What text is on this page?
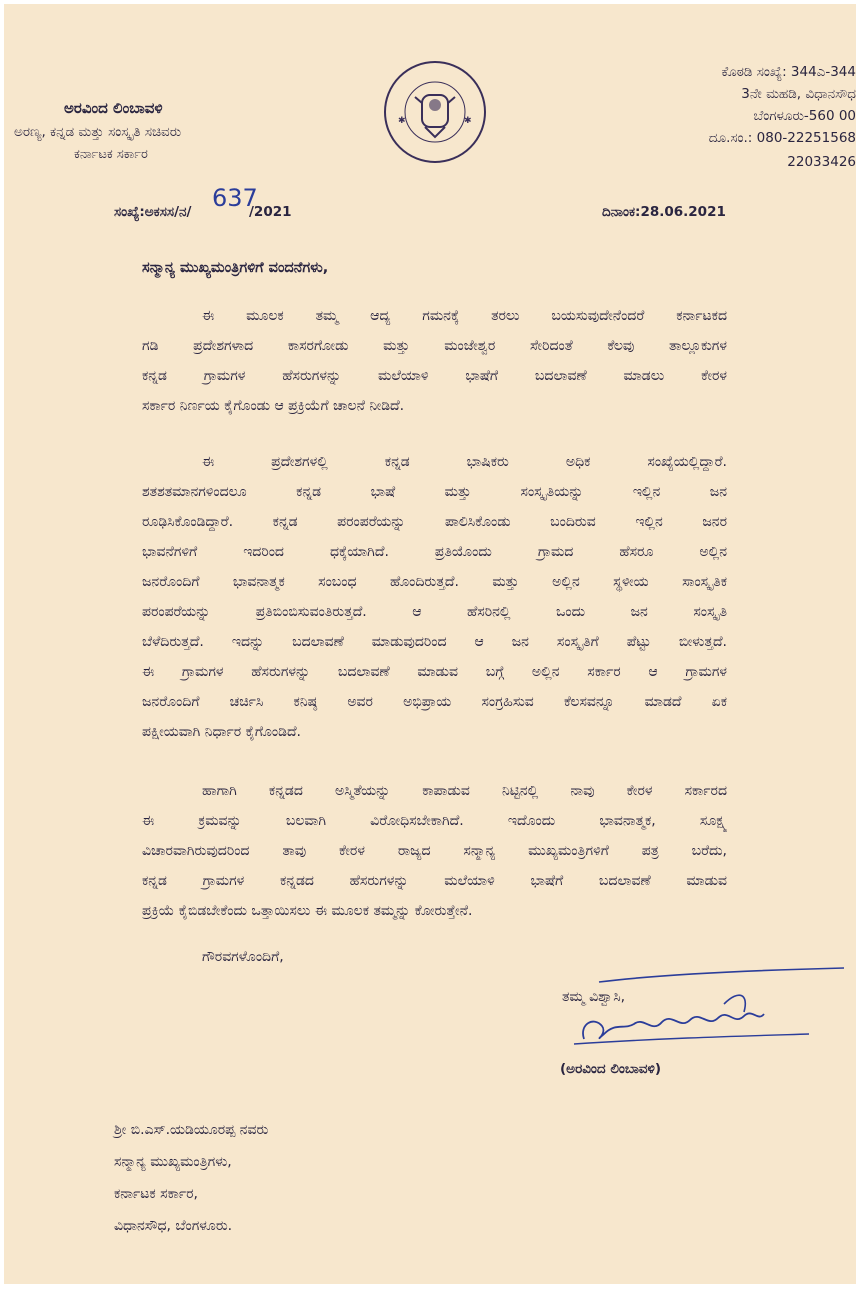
ಅರವಿಂದ ಲಿಂಬಾವಳಿ
ಅರಣ್ಯ, ಕನ್ನಡ ಮತ್ತು ಸಂಸ್ಕೃತಿ ಸಚಿವರು
ಕರ್ನಾಟಕ ಸರ್ಕಾರ
✱	✱
ಕೊಠಡಿ ಸಂಖ್ಯೆ: 344ಎ-344
3ನೇ ಮಹಡಿ, ವಿಧಾನಸೌಧ
ಬೆಂಗಳೂರು-560 00
ದೂ.ಸಂ.: 080-22251568
22033426
ಸಂಖ್ಯೆ:ಅಕಸಸ/ನ/ 637
/2021	ದಿನಾಂಕ:28.06.2021
ಸನ್ಮಾನ್ಯ ಮುಖ್ಯಮಂತ್ರಿಗಳಿಗೆ ವಂದನೆಗಳು,
ಈ ಮೂಲಕ ತಮ್ಮ ಆದ್ಯ ಗಮನಕ್ಕೆ ತರಲು ಬಯಸುವುದೇನೆಂದರೆ ಕರ್ನಾಟಕದ
ಗಡಿ ಪ್ರದೇಶಗಳಾದ ಕಾಸರಗೋಡು ಮತ್ತು ಮಂಜೇಶ್ವರ ಸೇರಿದಂತೆ ಕೆಲವು ತಾಲ್ಲೂಕುಗಳ
ಕನ್ನಡ ಗ್ರಾಮಗಳ ಹೆಸರುಗಳನ್ನು ಮಲೆಯಾಳಿ ಭಾಷೆಗೆ ಬದಲಾವಣೆ ಮಾಡಲು ಕೇರಳ
ಸರ್ಕಾರ ನಿರ್ಣಯ ಕೈಗೊಂಡು ಆ ಪ್ರಕ್ರಿಯೆಗೆ ಚಾಲನೆ ನೀಡಿದೆ.
ಈ ಪ್ರದೇಶಗಳಲ್ಲಿ ಕನ್ನಡ ಭಾಷಿಕರು ಅಧಿಕ ಸಂಖ್ಯೆಯಲ್ಲಿದ್ದಾರೆ.
ಶತಶತಮಾನಗಳಿಂದಲೂ ಕನ್ನಡ ಭಾಷೆ ಮತ್ತು ಸಂಸ್ಕೃತಿಯನ್ನು ಇಲ್ಲಿನ ಜನ
ರೂಢಿಸಿಕೊಂಡಿದ್ದಾರೆ. ಕನ್ನಡ ಪರಂಪರೆಯನ್ನು ಪಾಲಿಸಿಕೊಂಡು ಬಂದಿರುವ ಇಲ್ಲಿನ ಜನರ
ಭಾವನೆಗಳಿಗೆ ಇದರಿಂದ ಧಕ್ಕೆಯಾಗಿದೆ. ಪ್ರತಿಯೊಂದು ಗ್ರಾಮದ ಹೆಸರೂ ಅಲ್ಲಿನ
ಜನರೊಂದಿಗೆ ಭಾವನಾತ್ಮಕ ಸಂಬಂಧ ಹೊಂದಿರುತ್ತದೆ. ಮತ್ತು ಅಲ್ಲಿನ ಸ್ಥಳೀಯ ಸಾಂಸ್ಕೃತಿಕ
ಪರಂಪರೆಯನ್ನು ಪ್ರತಿಬಿಂಬಿಸುವಂತಿರುತ್ತದೆ. ಆ ಹೆಸರಿನಲ್ಲಿ ಒಂದು ಜನ ಸಂಸ್ಕೃತಿ
ಬೆಳೆದಿರುತ್ತದೆ. ಇದನ್ನು ಬದಲಾವಣೆ ಮಾಡುವುದರಿಂದ ಆ ಜನ ಸಂಸ್ಕೃತಿಗೆ ಪೆಟ್ಟು ಬೀಳುತ್ತದೆ.
ಈ ಗ್ರಾಮಗಳ ಹೆಸರುಗಳನ್ನು ಬದಲಾವಣೆ ಮಾಡುವ ಬಗ್ಗೆ ಅಲ್ಲಿನ ಸರ್ಕಾರ ಆ ಗ್ರಾಮಗಳ
ಜನರೊಂದಿಗೆ ಚರ್ಚಿಸಿ ಕನಿಷ್ಠ ಅವರ ಅಭಿಪ್ರಾಯ ಸಂಗ್ರಹಿಸುವ ಕೆಲಸವನ್ನೂ ಮಾಡದೆ ಏಕ
ಪಕ್ಷೀಯವಾಗಿ ನಿರ್ಧಾರ ಕೈಗೊಂಡಿದೆ.
ಹಾಗಾಗಿ ಕನ್ನಡದ ಅಸ್ಮಿತೆಯನ್ನು ಕಾಪಾಡುವ ನಿಟ್ಟಿನಲ್ಲಿ ನಾವು ಕೇರಳ ಸರ್ಕಾರದ
ಈ ಕ್ರಮವನ್ನು ಬಲವಾಗಿ ವಿರೋಧಿಸಬೇಕಾಗಿದೆ. ಇದೊಂದು ಭಾವನಾತ್ಮಕ, ಸೂಕ್ಷ್ಮ
ವಿಚಾರವಾಗಿರುವುದರಿಂದ ತಾವು ಕೇರಳ ರಾಜ್ಯದ ಸನ್ಮಾನ್ಯ ಮುಖ್ಯಮಂತ್ರಿಗಳಿಗೆ ಪತ್ರ ಬರೆದು,
ಕನ್ನಡ ಗ್ರಾಮಗಳ ಕನ್ನಡದ ಹೆಸರುಗಳನ್ನು ಮಲೆಯಾಳಿ ಭಾಷೆಗೆ ಬದಲಾವಣೆ ಮಾಡುವ
ಪ್ರಕ್ರಿಯೆ ಕೈಬಿಡಬೇಕೆಂದು ಒತ್ತಾಯಿಸಲು ಈ ಮೂಲಕ ತಮ್ಮನ್ನು ಕೋರುತ್ತೇನೆ.
ಗೌರವಗಳೊಂದಿಗೆ,
ತಮ್ಮ ವಿಶ್ವಾಸಿ,
(ಅರವಿಂದ ಲಿಂಬಾವಳಿ)
ಶ್ರೀ ಬಿ.ಎಸ್.ಯಡಿಯೂರಪ್ಪ ನವರು
ಸನ್ಮಾನ್ಯ ಮುಖ್ಯಮಂತ್ರಿಗಳು,
ಕರ್ನಾಟಕ ಸರ್ಕಾರ,
ವಿಧಾನಸೌಧ, ಬೆಂಗಳೂರು.
